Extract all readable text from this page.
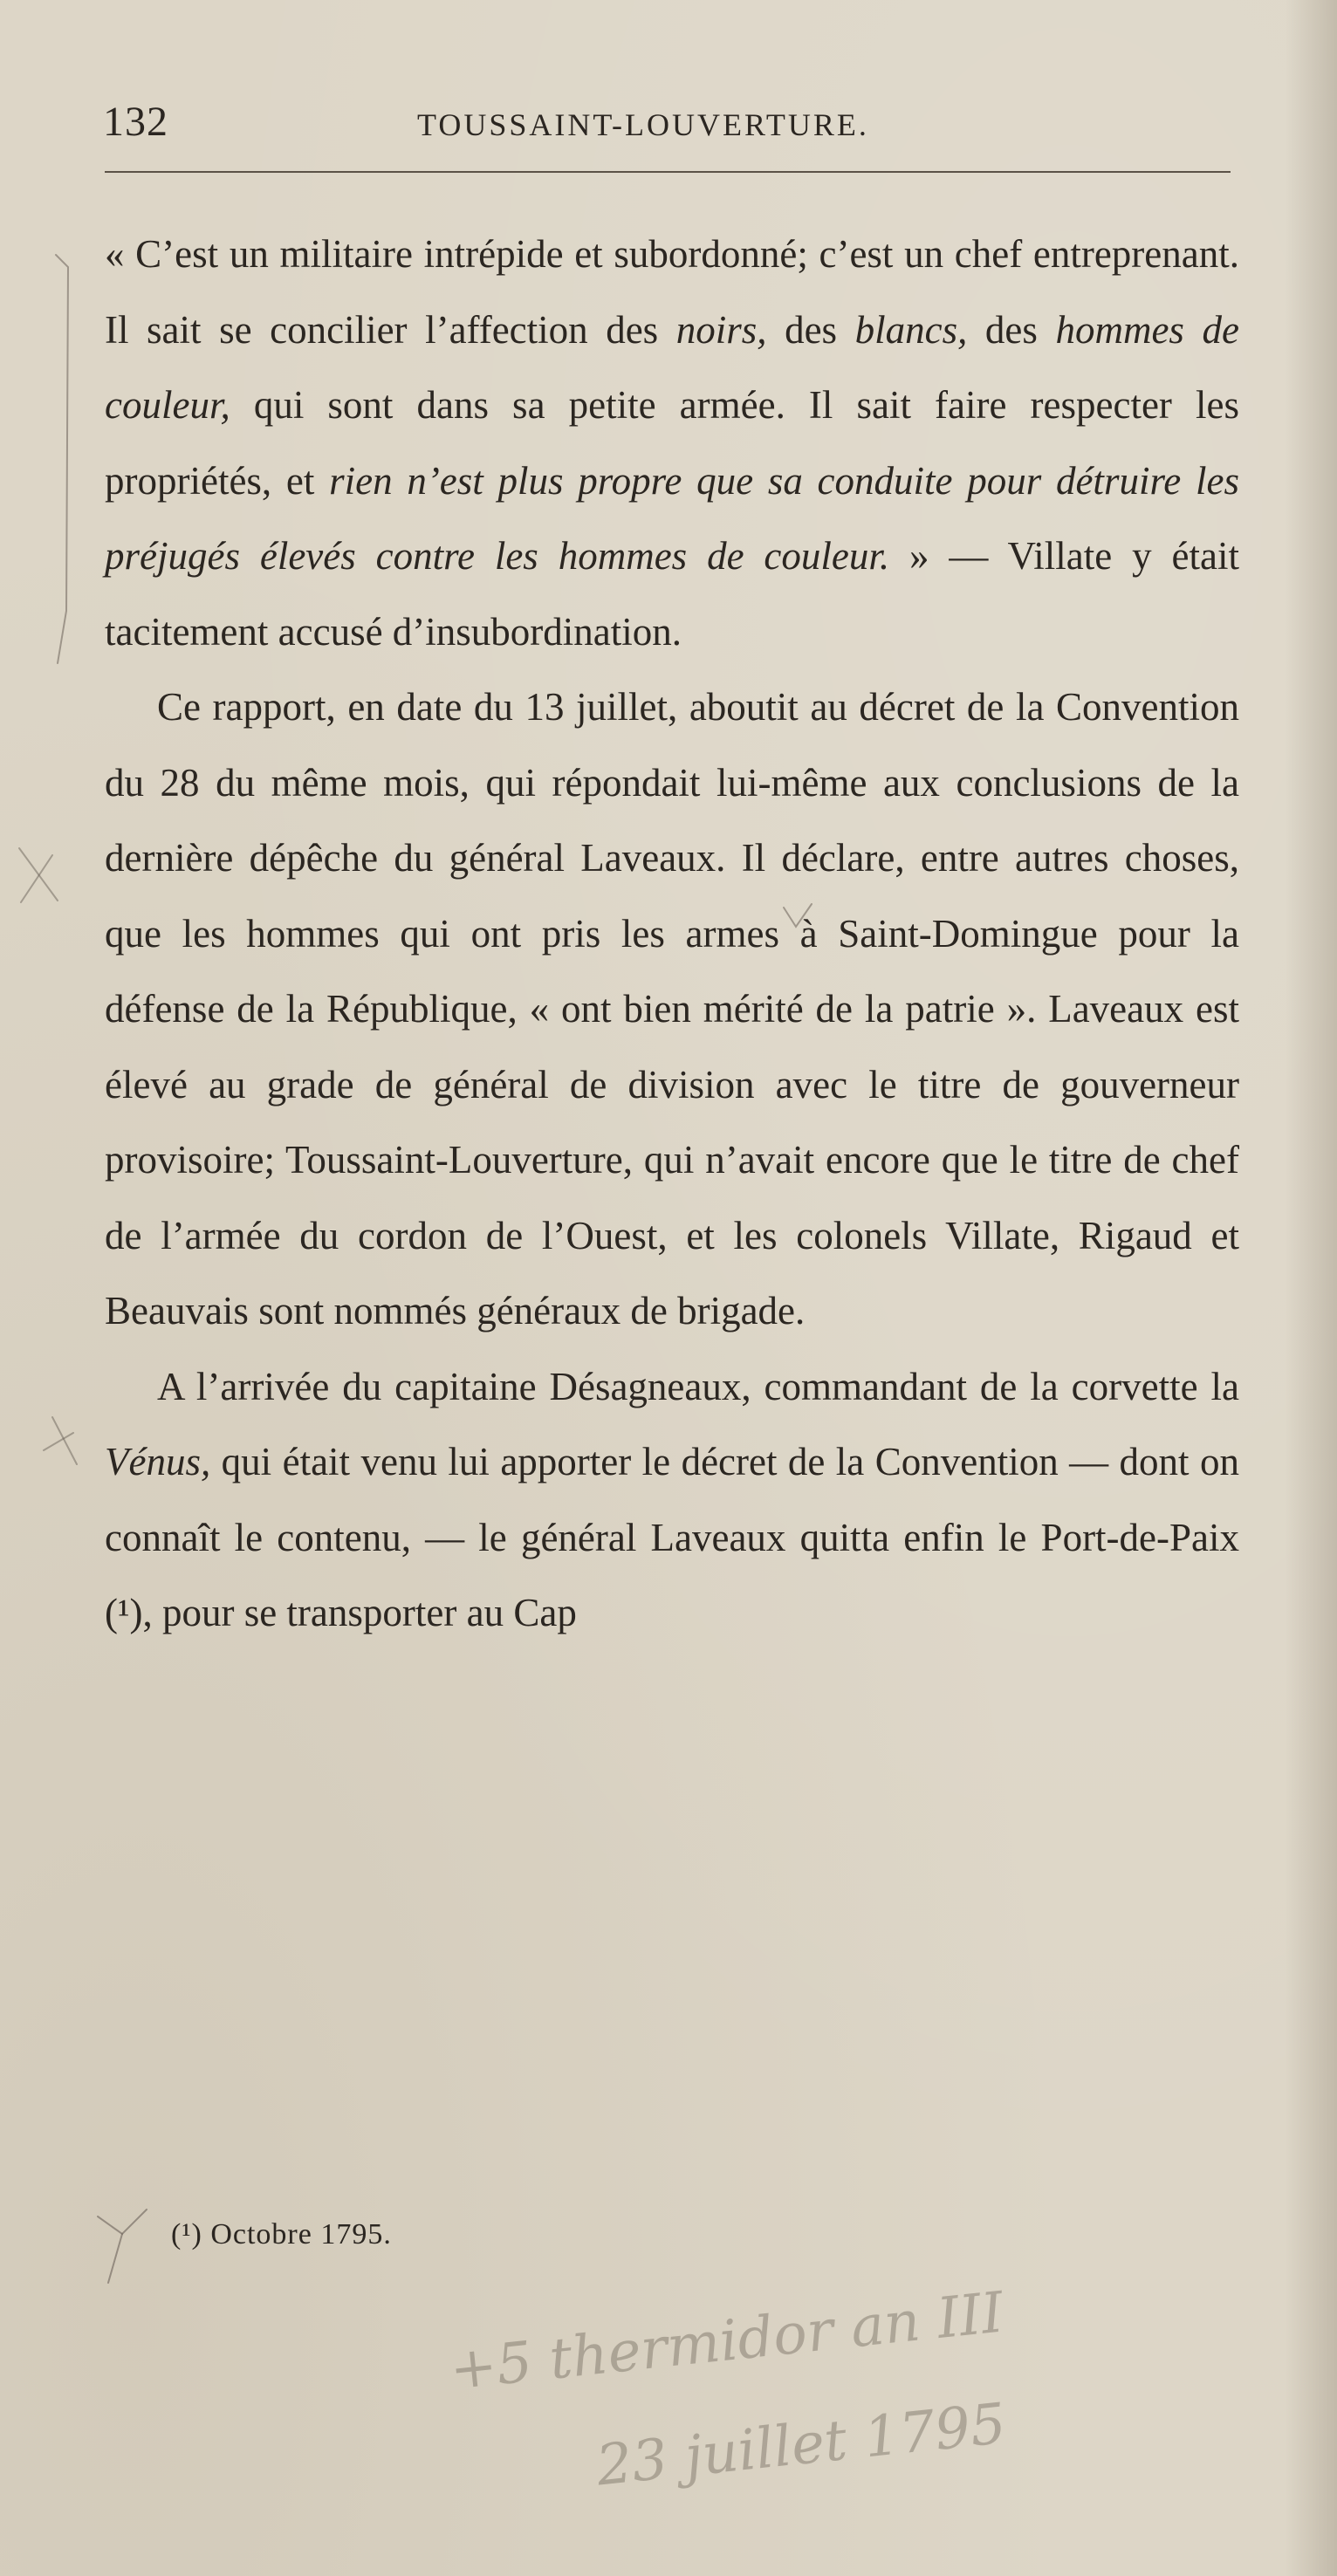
132	TOUSSAINT-LOUVERTURE.

« C’est un militaire intrépide et subordonné; c’est un chef entreprenant. Il sait se concilier l’affection des noirs, des blancs, des hommes de couleur, qui sont dans sa petite armée. Il sait faire respecter les propriétés, et rien n’est plus propre que sa conduite pour détruire les préjugés élevés contre les hommes de couleur. » — Villate y était tacitement accusé d’insubordination.

Ce rapport, en date du 13 juillet, aboutit au décret de la Convention du 28 du même mois, qui répondait lui-même aux conclusions de la dernière dépêche du général Laveaux. Il déclare, entre autres choses, que les hommes qui ont pris les armes à Saint-Domingue pour la défense de la République, « ont bien mérité de la patrie ». Laveaux est élevé au grade de général de division avec le titre de gouverneur provisoire; Toussaint-Louverture, qui n’avait encore que le titre de chef de l’armée du cordon de l’Ouest, et les colonels Villate, Rigaud et Beauvais sont nommés généraux de brigade.

A l’arrivée du capitaine Désagneaux, commandant de la corvette la Vénus, qui était venu lui apporter le décret de la Convention — dont on connaît le contenu, — le général Laveaux quitta enfin le Port-de-Paix (¹), pour se transporter au Cap

(¹) Octobre 1795.
+5 thermidor an III
23 juillet 1795
